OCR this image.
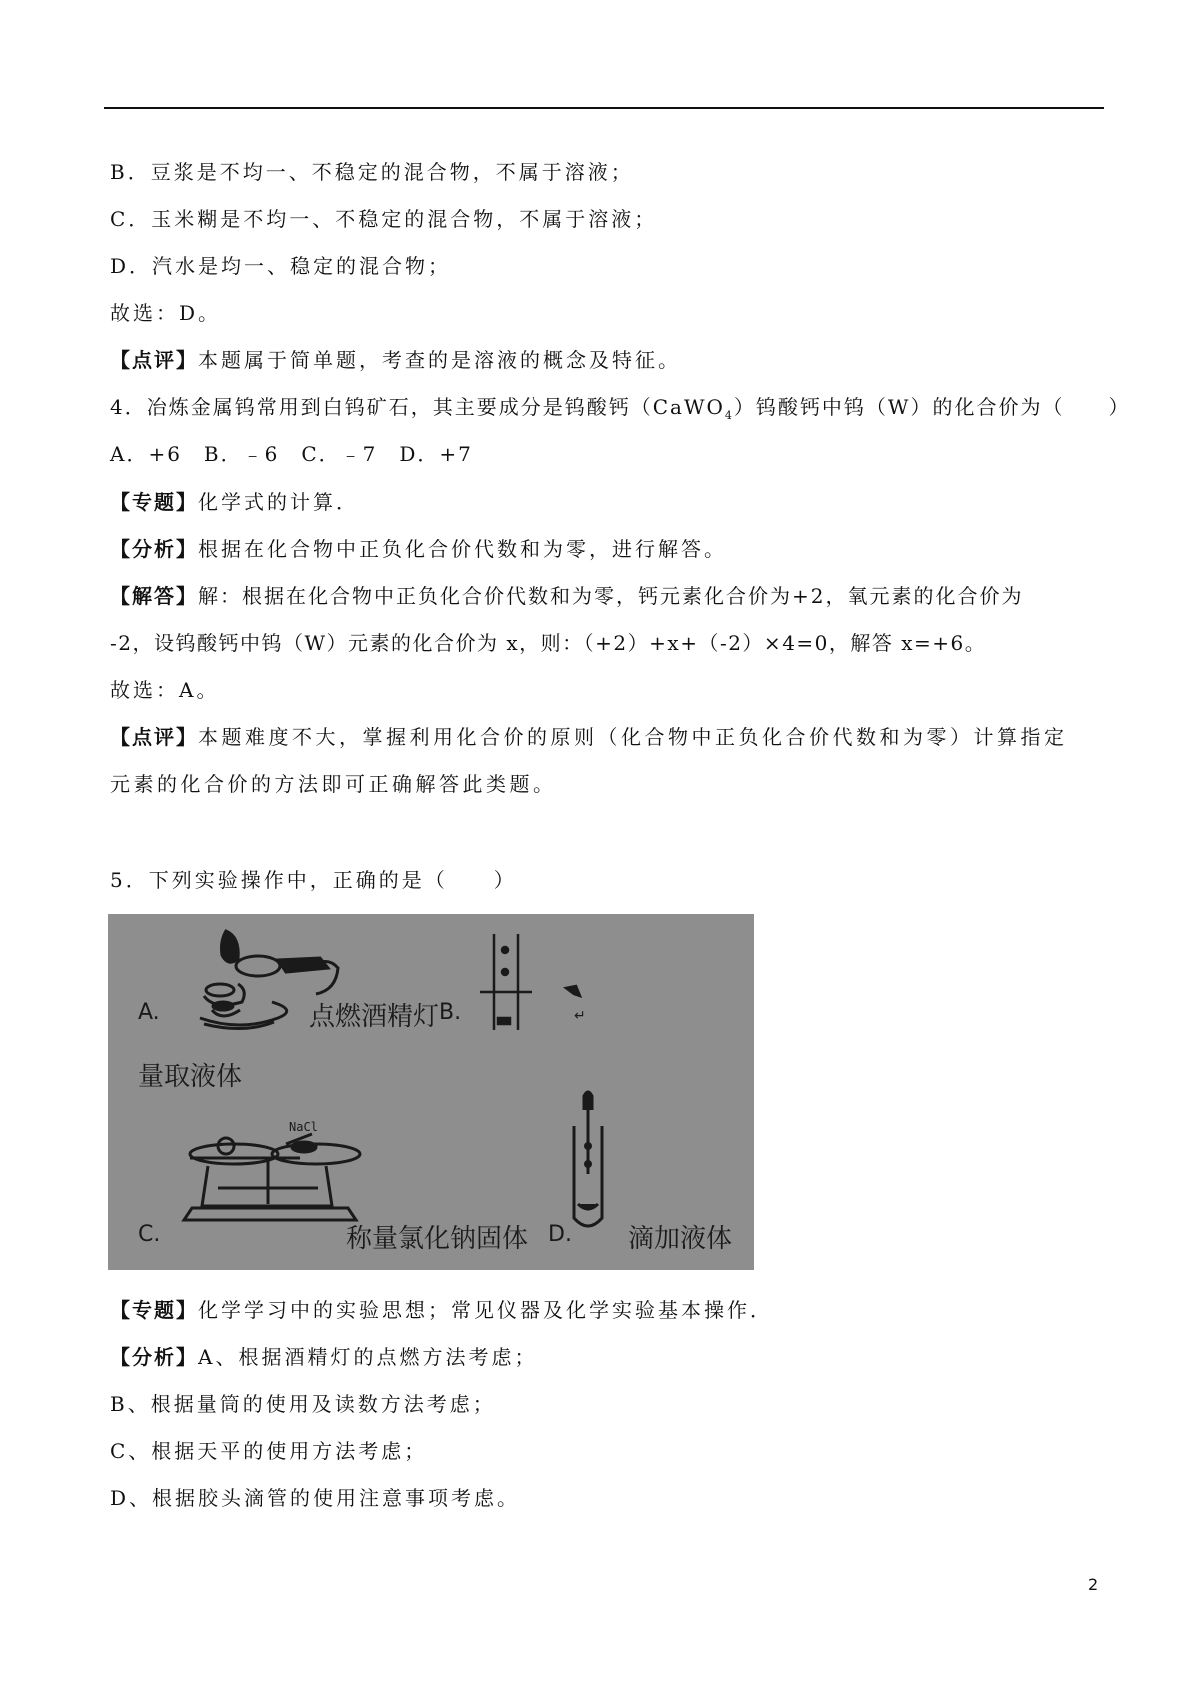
B．豆浆是不均一、不稳定的混合物，不属于溶液；
C．玉米糊是不均一、不稳定的混合物，不属于溶液；
D．汽水是均一、稳定的混合物；
故选：D。
【点评】本题属于简单题，考查的是溶液的概念及特征。
4．冶炼金属钨常用到白钨矿石，其主要成分是钨酸钙（CaWO$_4$）钨酸钙中钨（W）的化合价为（　　）
A．+6　B．﹣6　C．﹣7　D．+7
【专题】化学式的计算．
【分析】根据在化合物中正负化合价代数和为零，进行解答。
【解答】解：根据在化合物中正负化合价代数和为零，钙元素化合价为+2，氧元素的化合价为
-2，设钨酸钙中钨（W）元素的化合价为 x，则：（+2）+x+（-2）×4=0，解答 x=+6。
故选：A。
【点评】本题难度不大，掌握利用化合价的原则（化合物中正负化合价代数和为零）计算指定
元素的化合价的方法即可正确解答此类题。
5．下列实验操作中，正确的是（　　）
A.	点燃酒精灯 B.	↵
量取液体
NaCl
C.	称量氯化钠固体 D. 滴加液体
【专题】化学学习中的实验思想；常见仪器及化学实验基本操作．
【分析】A、根据酒精灯的点燃方法考虑；
B、根据量筒的使用及读数方法考虑；
C、根据天平的使用方法考虑；
D、根据胶头滴管的使用注意事项考虑。
2
